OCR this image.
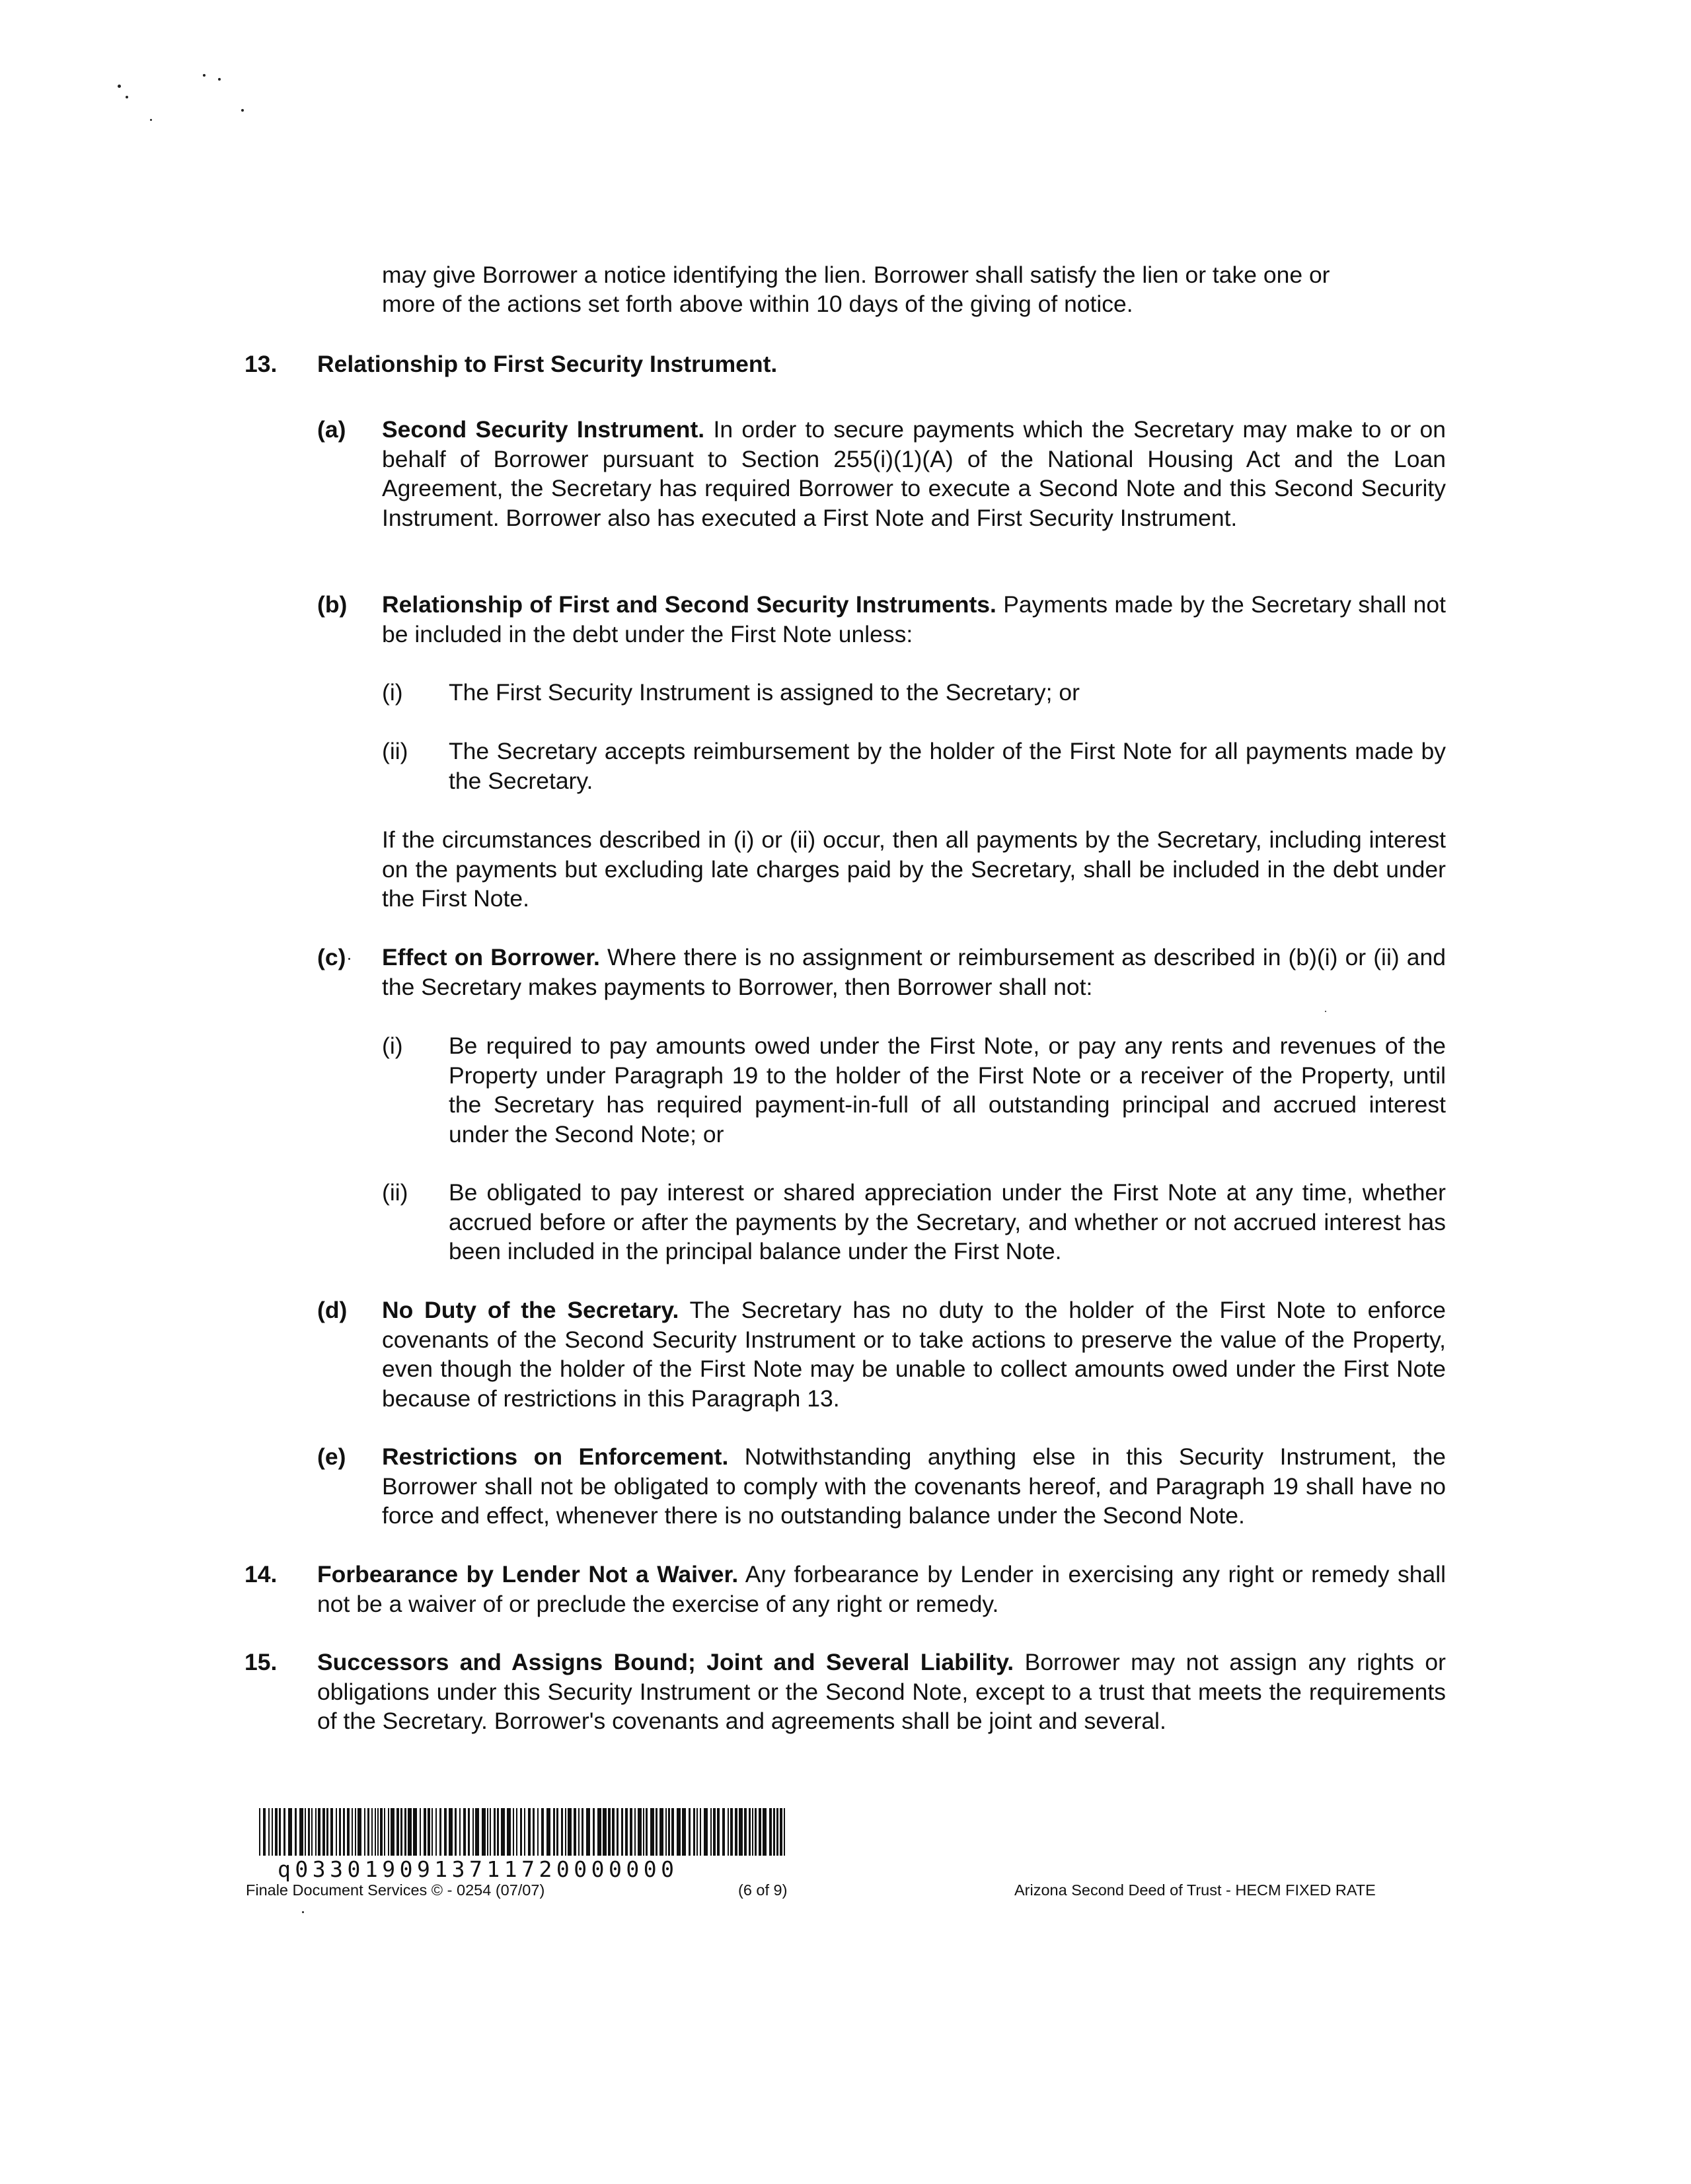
may give Borrower a notice identifying the lien. Borrower shall satisfy the lien or take one or
more of the actions set forth above within 10 days of the giving of notice.
13. Relationship to First Security Instrument.
(a) Second Security Instrument. In order to secure payments which the Secretary may make to or on behalf of Borrower pursuant to Section 255(i)(1)(A) of the National Housing Act and the Loan Agreement, the Secretary has required Borrower to execute a Second Note and this Second Security Instrument. Borrower also has executed a First Note and First Security Instrument.
(b) Relationship of First and Second Security Instruments. Payments made by the Secretary shall not be included in the debt under the First Note unless:
(i) The First Security Instrument is assigned to the Secretary; or
(ii) The Secretary accepts reimbursement by the holder of the First Note for all payments made by the Secretary.
If the circumstances described in (i) or (ii) occur, then all payments by the Secretary, including interest on the payments but excluding late charges paid by the Secretary, shall be included in the debt under the First Note.
(c) Effect on Borrower. Where there is no assignment or reimbursement as described in (b)(i) or (ii) and the Secretary makes payments to Borrower, then Borrower shall not:
(i) Be required to pay amounts owed under the First Note, or pay any rents and revenues of the Property under Paragraph 19 to the holder of the First Note or a receiver of the Property, until the Secretary has required payment-in-full of all outstanding principal and accrued interest under the Second Note; or
(ii) Be obligated to pay interest or shared appreciation under the First Note at any time, whether accrued before or after the payments by the Secretary, and whether or not accrued interest has been included in the principal balance under the First Note.
(d) No Duty of the Secretary. The Secretary has no duty to the holder of the First Note to enforce covenants of the Second Security Instrument or to take actions to preserve the value of the Property, even though the holder of the First Note may be unable to collect amounts owed under the First Note because of restrictions in this Paragraph 13.
(e) Restrictions on Enforcement. Notwithstanding anything else in this Security Instrument, the Borrower shall not be obligated to comply with the covenants hereof, and Paragraph 19 shall have no force and effect, whenever there is no outstanding balance under the Second Note.
14. Forbearance by Lender Not a Waiver. Any forbearance by Lender in exercising any right or remedy shall not be a waiver of or preclude the exercise of any right or remedy.
15. Successors and Assigns Bound; Joint and Several Liability. Borrower may not assign any rights or obligations under this Security Instrument or the Second Note, except to a trust that meets the requirements of the Secretary. Borrower's covenants and agreements shall be joint and several.
q0330190913711720000000
Finale Document Services © - 0254 (07/07)	(6 of 9)	Arizona Second Deed of Trust - HECM FIXED RATE
